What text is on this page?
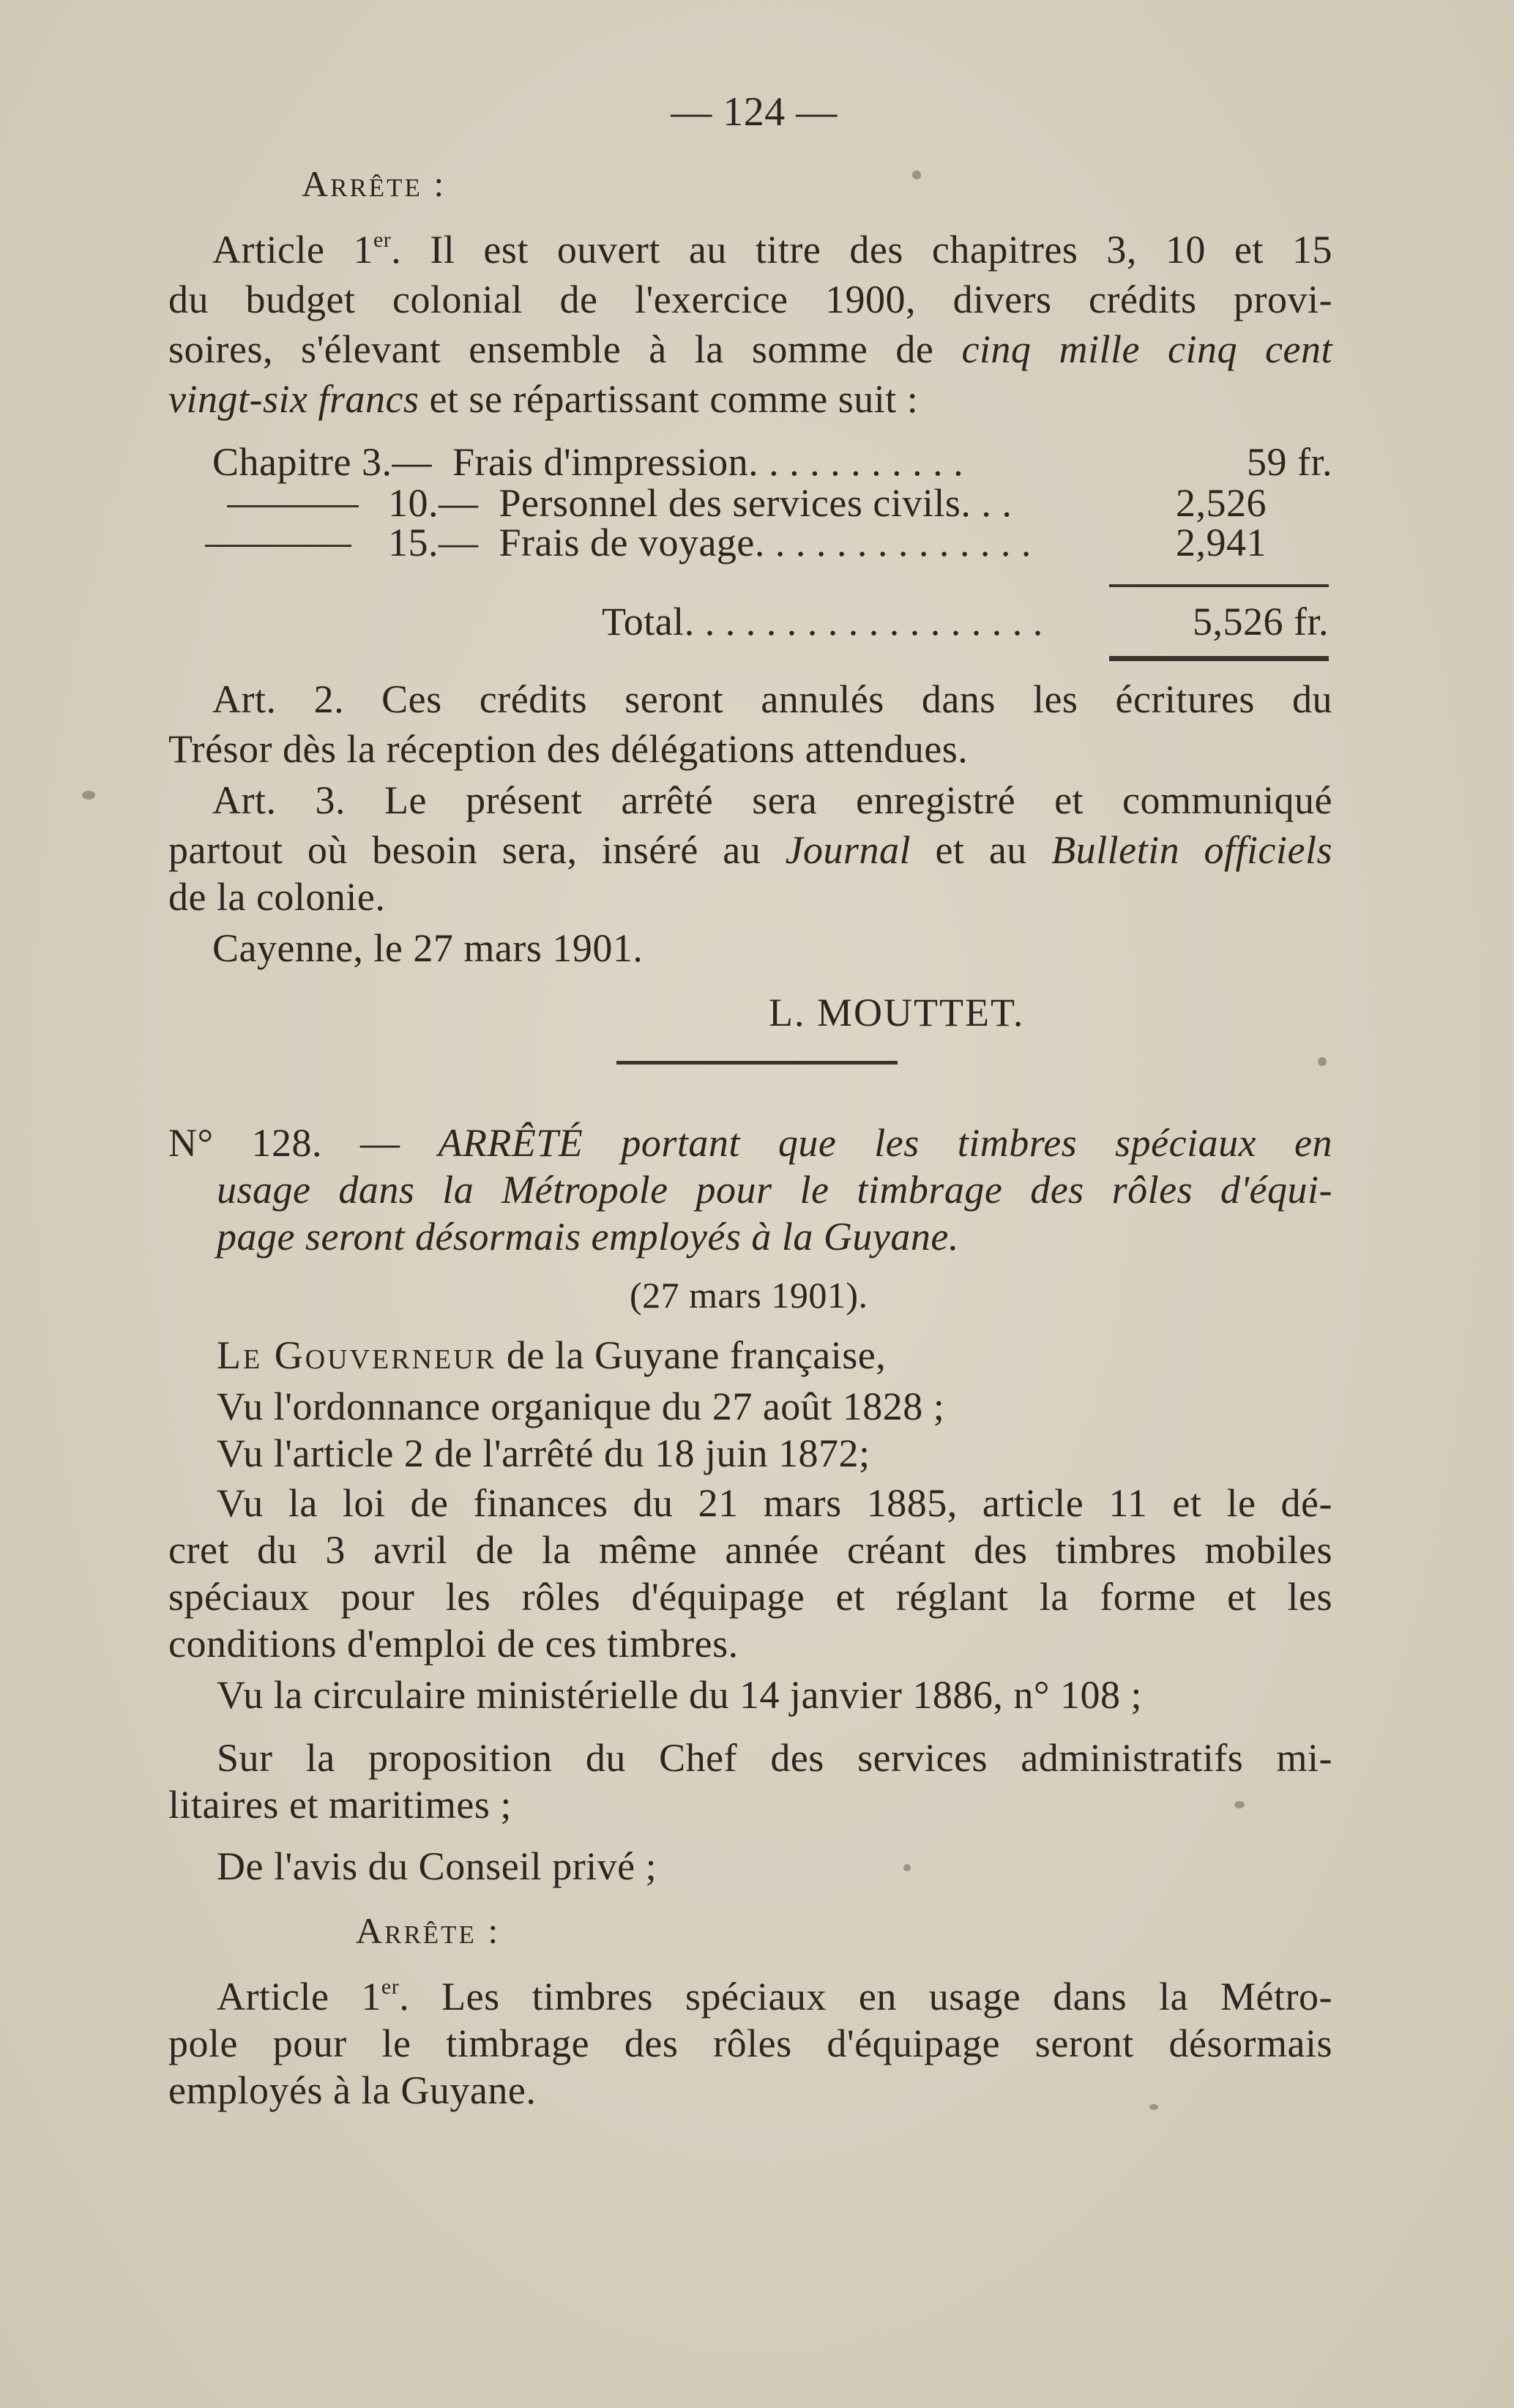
— 124 —
Arrête :
Article 1er. Il est ouvert au titre des chapitres 3, 10 et 15
du budget colonial de l'exercice 1900, divers crédits provi-
soires, s'élevant ensemble à la somme de cinq mille cinq cent
vingt-six francs et se répartissant comme suit :
Chapitre 3.— Frais d'impression. . . . . . . . . . .	59 fr.
10.— Personnel des services civils. . .	2,526
15.— Frais de voyage. . . . . . . . . . . . . .	2,941
Total. . . . . . . . . . . . . . . . . .	5,526 fr.
Art. 2. Ces crédits seront annulés dans les écritures du
Trésor dès la réception des délégations attendues.
Art. 3. Le présent arrêté sera enregistré et communiqué
partout où besoin sera, inséré au Journal et au Bulletin officiels
de la colonie.
Cayenne, le 27 mars 1901.
L. MOUTTET.
N° 128. — ARRÊTÉ portant que les timbres spéciaux en
usage dans la Métropole pour le timbrage des rôles d'équi-
page seront désormais employés à la Guyane.
(27 mars 1901).
Le Gouverneur de la Guyane française,
Vu l'ordonnance organique du 27 août 1828 ;
Vu l'article 2 de l'arrêté du 18 juin 1872;
Vu la loi de finances du 21 mars 1885, article 11 et le dé-
cret du 3 avril de la même année créant des timbres mobiles
spéciaux pour les rôles d'équipage et réglant la forme et les
conditions d'emploi de ces timbres.
Vu la circulaire ministérielle du 14 janvier 1886, n° 108 ;
Sur la proposition du Chef des services administratifs mi-
litaires et maritimes ;
De l'avis du Conseil privé ;
Arrête :
Article 1er. Les timbres spéciaux en usage dans la Métro-
pole pour le timbrage des rôles d'équipage seront désormais
employés à la Guyane.
